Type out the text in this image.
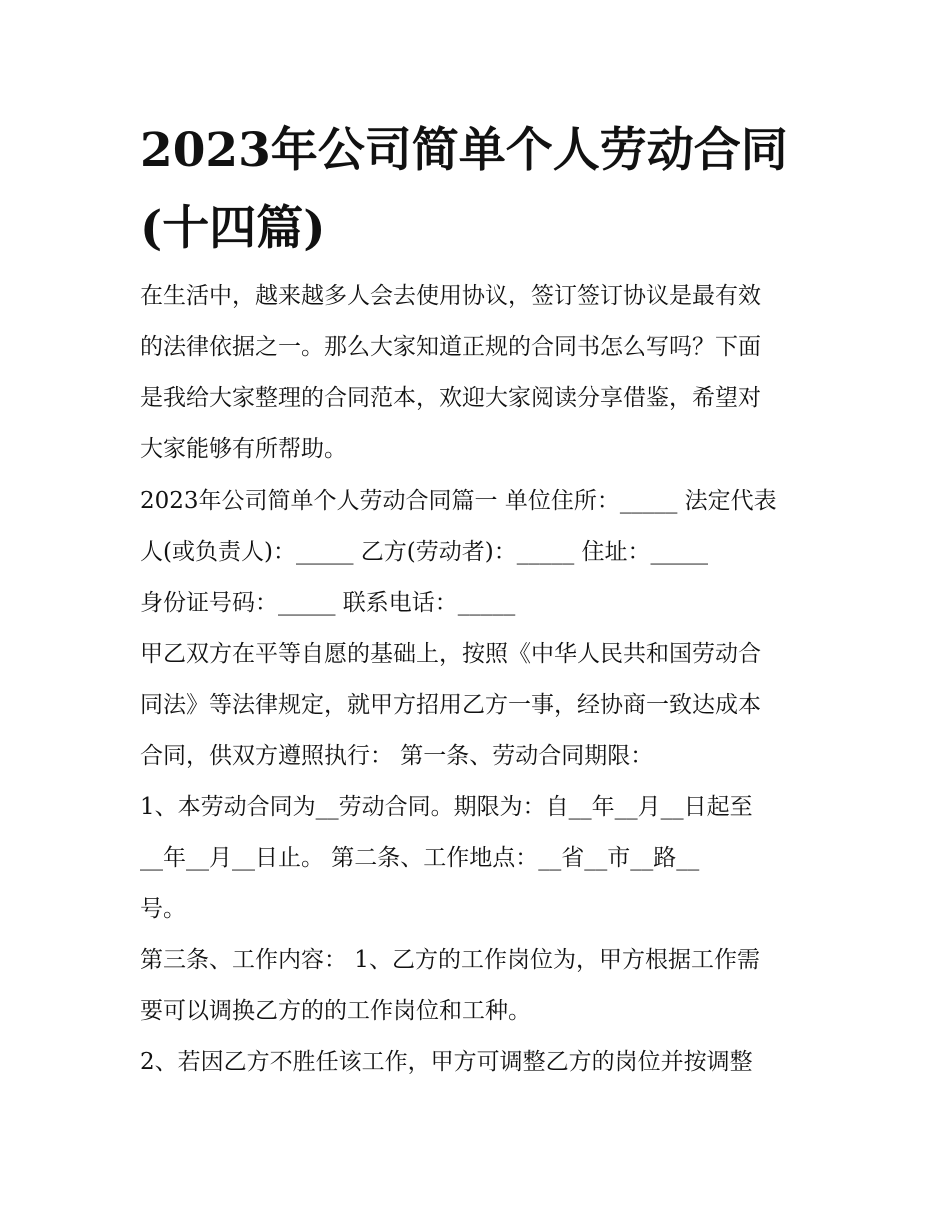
2023年公司简单个人劳动合同
(十四篇)

在生活中，越来越多人会去使用协议，签订签订协议是最有效
的法律依据之一。那么大家知道正规的合同书怎么写吗？下面
是我给大家整理的合同范本，欢迎大家阅读分享借鉴，希望对
大家能够有所帮助。

2023年公司简单个人劳动合同篇一 单位住所：_____ 法定代表
人(或负责人)：_____ 乙方(劳动者)：_____ 住址：_____
身份证号码：_____ 联系电话：_____

甲乙双方在平等自愿的基础上，按照《中华人民共和国劳动合
同法》等法律规定，就甲方招用乙方一事，经协商一致达成本
合同，供双方遵照执行： 第一条、劳动合同期限：

1、本劳动合同为__劳动合同。期限为：自__年__月__日起至
__年__月__日止。 第二条、工作地点：__省__市__路__
号。

第三条、工作内容： 1、乙方的工作岗位为，甲方根据工作需
要可以调换乙方的的工作岗位和工种。

2、若因乙方不胜任该工作，甲方可调整乙方的岗位并按调整
